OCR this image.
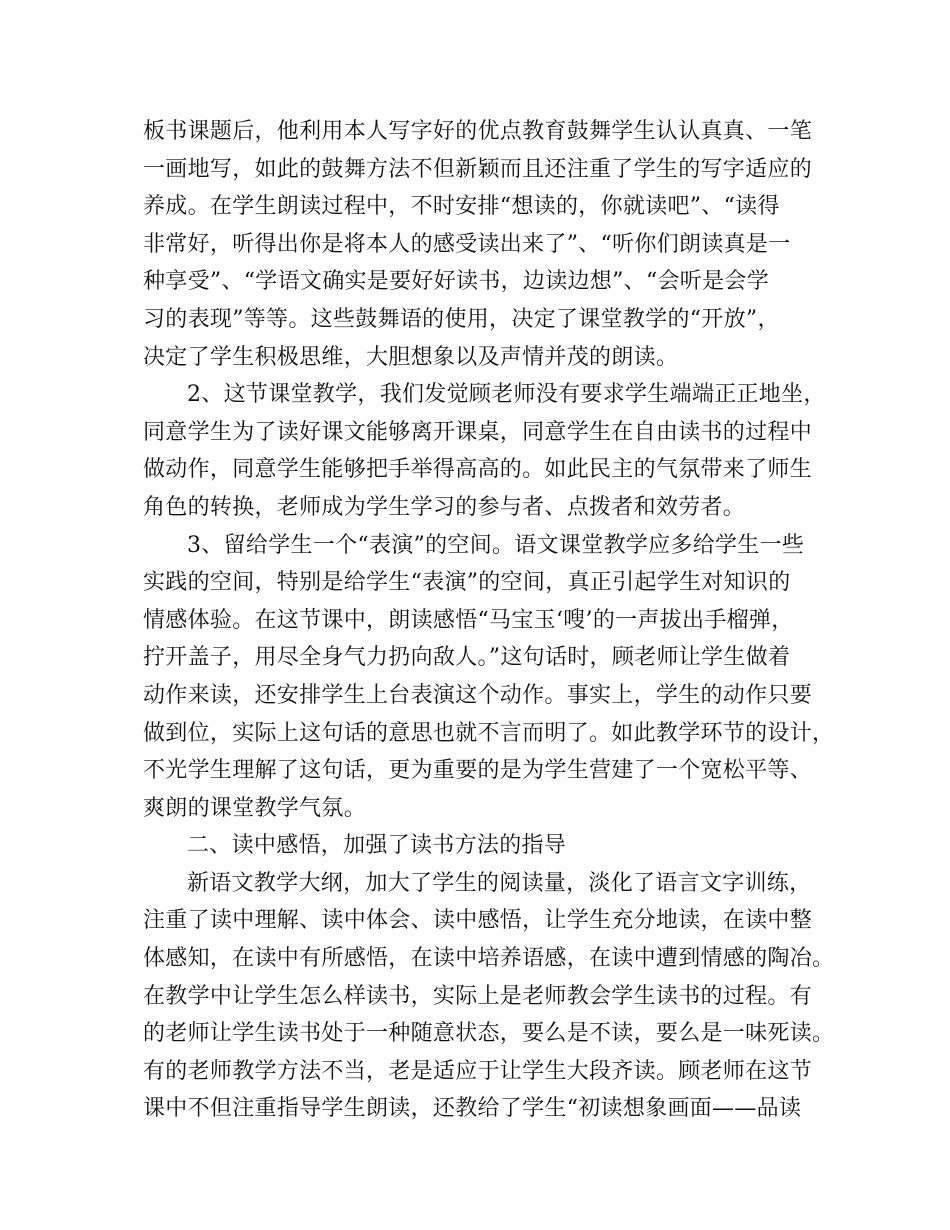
板书课题后，他利用本人写字好的优点教育鼓舞学生认认真真、一笔
一画地写，如此的鼓舞方法不但新颖而且还注重了学生的写字适应的
养成。在学生朗读过程中，不时安排“想读的，你就读吧”、“读得
非常好，听得出你是将本人的感受读出来了”、“听你们朗读真是一
种享受”、“学语文确实是要好好读书，边读边想”、“会听是会学
习的表现”等等。这些鼓舞语的使用，决定了课堂教学的“开放”，
决定了学生积极思维，大胆想象以及声情并茂的朗读。
2、这节课堂教学，我们发觉顾老师没有要求学生端端正正地坐，
同意学生为了读好课文能够离开课桌，同意学生在自由读书的过程中
做动作，同意学生能够把手举得高高的。如此民主的气氛带来了师生
角色的转换，老师成为学生学习的参与者、点拨者和效劳者。
3、留给学生一个“表演”的空间。语文课堂教学应多给学生一些
实践的空间，特别是给学生“表演”的空间，真正引起学生对知识的
情感体验。在这节课中，朗读感悟“马宝玉‘嗖’的一声拔出手榴弹，
拧开盖子，用尽全身气力扔向敌人。”这句话时，顾老师让学生做着
动作来读，还安排学生上台表演这个动作。事实上，学生的动作只要
做到位，实际上这句话的意思也就不言而明了。如此教学环节的设计，
不光学生理解了这句话，更为重要的是为学生营建了一个宽松平等、
爽朗的课堂教学气氛。
二、读中感悟，加强了读书方法的指导
新语文教学大纲，加大了学生的阅读量，淡化了语言文字训练，
注重了读中理解、读中体会、读中感悟，让学生充分地读，在读中整
体感知，在读中有所感悟，在读中培养语感，在读中遭到情感的陶冶。
在教学中让学生怎么样读书，实际上是老师教会学生读书的过程。有
的老师让学生读书处于一种随意状态，要么是不读，要么是一味死读。
有的老师教学方法不当，老是适应于让学生大段齐读。顾老师在这节
课中不但注重指导学生朗读，还教给了学生“初读想象画面——品读
